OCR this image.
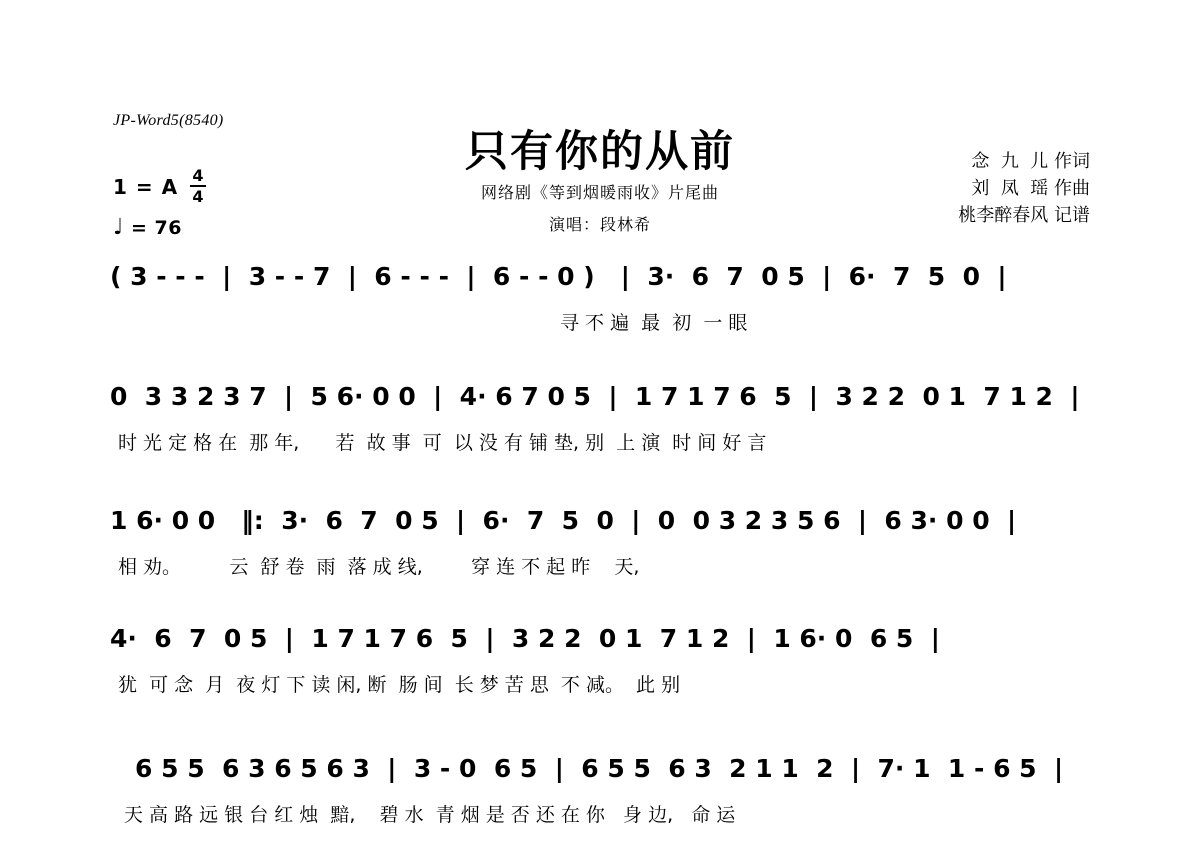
JP-Word5(8540)
只有你的从前
网络剧《等到烟暖雨收》片尾曲
演唱：段林希
念  九  儿 作词
刘  凤  瑶 作曲
桃李醉春风 记谱
1 = A 4
4
♩ = 76
( 3 - - -  |  3 - - 7  |  6 - - -  |  6 - - 0 )   |  3·  6  7  0 5  |  6·  7  5  0  |
寻 不 遍  最  初  一 眼
0  3 3 2 3 7  |  5 6· 0 0  |  4· 6 7 0 5  |  1 7 1 7 6  5  |  3 2 2  0 1  7 1 2  |
时 光 定 格 在  那 年,      若  故 事  可  以 没 有 铺 垫, 别  上 演  时 间 好 言
1 6· 0 0   ‖:  3·  6  7  0 5  |  6·  7  5  0  |  0  0 3 2 3 5 6  |  6 3· 0 0  |
相 劝。        云  舒 卷  雨  落 成 线,        穿 连 不 起 昨    天,
4·  6  7  0 5  |  1 7 1 7 6  5  |  3 2 2  0 1  7 1 2  |  1 6· 0  6 5  |
犹  可 念  月  夜 灯 下 读 闲, 断  肠 间  长 梦 苦 思  不 减。  此 别
6 5 5  6 3 6 5 6 3  |  3 - 0  6 5  |  6 5 5  6 3  2 1 1  2  |  7· 1  1 - 6 5  |
天 高 路 远 银 台 红 烛  黯,    碧 水  青 烟 是 否 还 在 你   身 边,   命 运
